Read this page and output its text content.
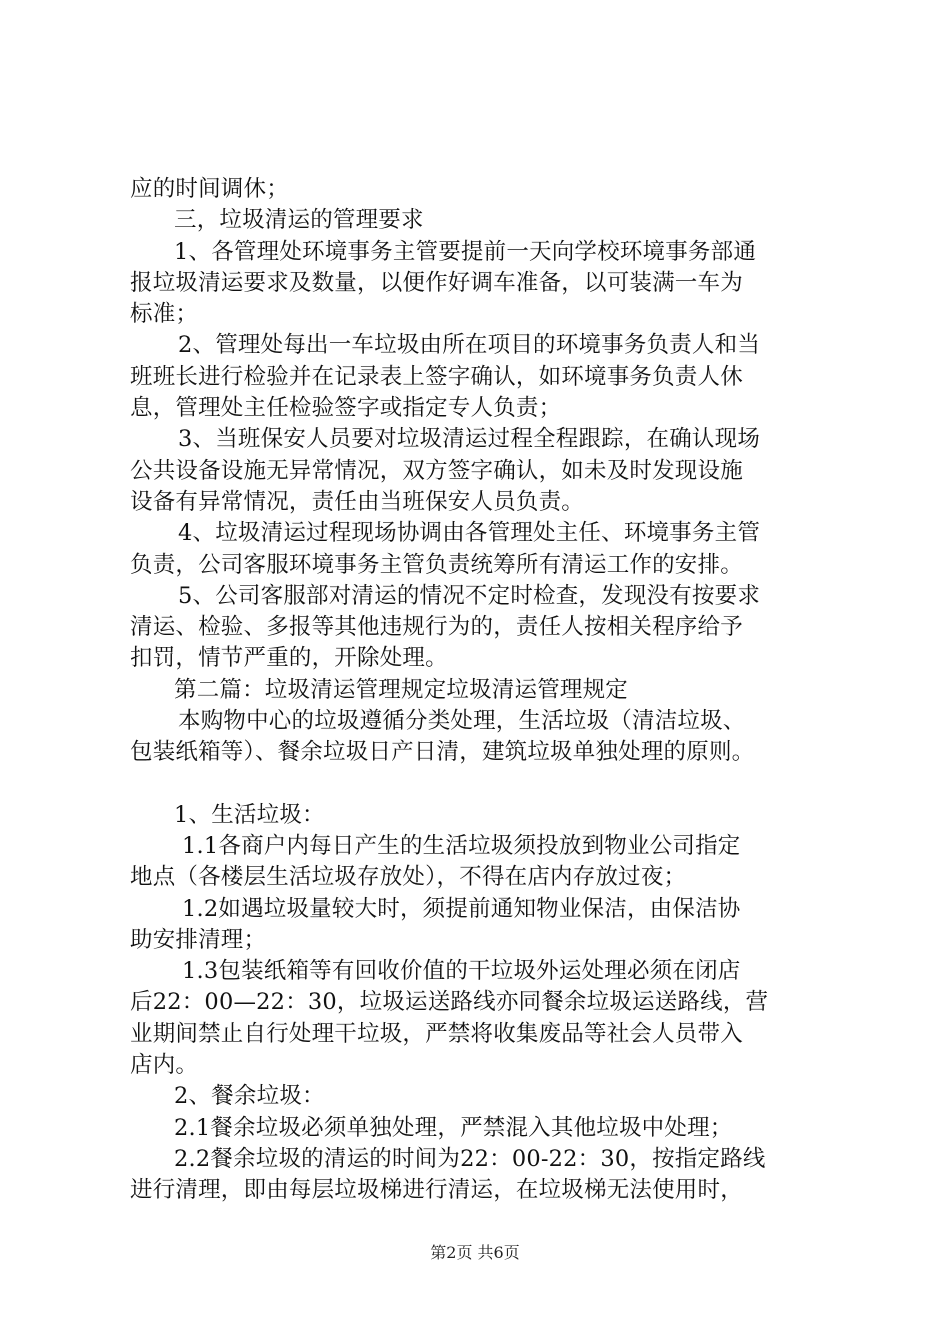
应的时间调休；
三，垃圾清运的管理要求
1、各管理处环境事务主管要提前一天向学校环境事务部通
报垃圾清运要求及数量，以便作好调车准备，以可装满一车为
标准；
2、管理处每出一车垃圾由所在项目的环境事务负责人和当
班班长进行检验并在记录表上签字确认，如环境事务负责人休
息，管理处主任检验签字或指定专人负责；
3、当班保安人员要对垃圾清运过程全程跟踪，在确认现场
公共设备设施无异常情况，双方签字确认，如未及时发现设施
设备有异常情况，责任由当班保安人员负责。
4、垃圾清运过程现场协调由各管理处主任、环境事务主管
负责，公司客服环境事务主管负责统筹所有清运工作的安排。
5、公司客服部对清运的情况不定时检查，发现没有按要求
清运、检验、多报等其他违规行为的，责任人按相关程序给予
扣罚，情节严重的，开除处理。
第二篇：垃圾清运管理规定垃圾清运管理规定
本购物中心的垃圾遵循分类处理，生活垃圾（清洁垃圾、
包装纸箱等）、餐余垃圾日产日清，建筑垃圾单独处理的原则。
1、生活垃圾：
1.1各商户内每日产生的生活垃圾须投放到物业公司指定
地点（各楼层生活垃圾存放处），不得在店内存放过夜；
1.2如遇垃圾量较大时，须提前通知物业保洁，由保洁协
助安排清理；
1.3包装纸箱等有回收价值的干垃圾外运处理必须在闭店
后22：00—22：30，垃圾运送路线亦同餐余垃圾运送路线，营
业期间禁止自行处理干垃圾，严禁将收集废品等社会人员带入
店内。
2、餐余垃圾：
2.1餐余垃圾必须单独处理，严禁混入其他垃圾中处理；
2.2餐余垃圾的清运的时间为22：00-22：30，按指定路线
进行清理，即由每层垃圾梯进行清运，在垃圾梯无法使用时，
第2页 共6页
